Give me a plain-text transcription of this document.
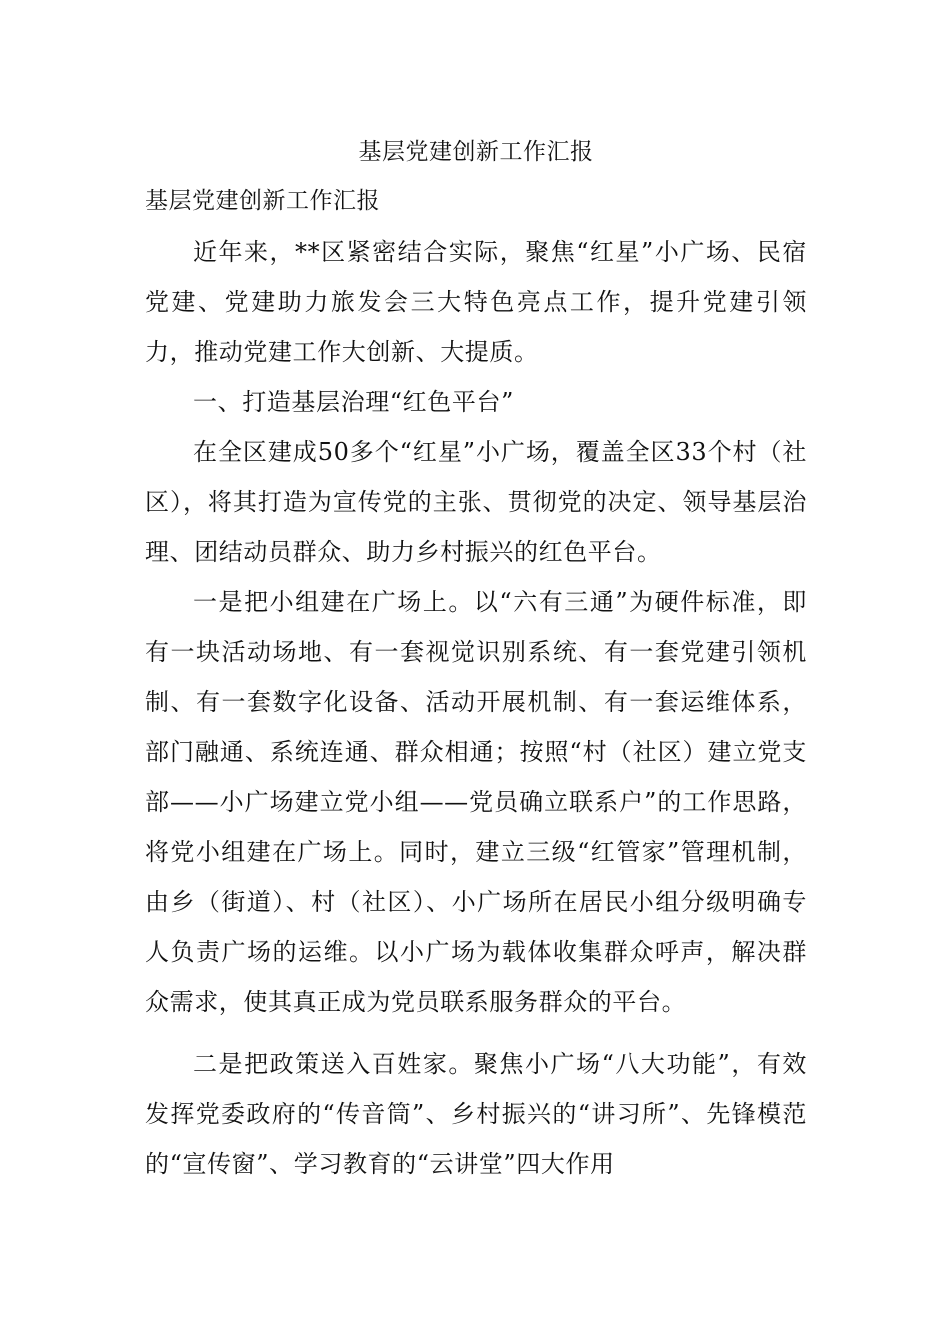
基层党建创新工作汇报
基层党建创新工作汇报

近年来，**区紧密结合实际，聚焦“红星”小广场、民宿党建、党建助力旅发会三大特色亮点工作，提升党建引领力，推动党建工作大创新、大提质。

一、打造基层治理“红色平台”

在全区建成50多个“红星”小广场，覆盖全区33个村（社区），将其打造为宣传党的主张、贯彻党的决定、领导基层治理、团结动员群众、助力乡村振兴的红色平台。

一是把小组建在广场上。以“六有三通”为硬件标准，即有一块活动场地、有一套视觉识别系统、有一套党建引领机制、有一套数字化设备、活动开展机制、有一套运维体系，部门融通、系统连通、群众相通；按照“村（社区）建立党支部——小广场建立党小组——党员确立联系户”的工作思路，将党小组建在广场上。同时，建立三级“红管家”管理机制，由乡（街道）、村（社区）、小广场所在居民小组分级明确专人负责广场的运维。以小广场为载体收集群众呼声，解决群众需求，使其真正成为党员联系服务群众的平台。

二是把政策送入百姓家。聚焦小广场“八大功能”，有效发挥党委政府的“传音筒”、乡村振兴的“讲习所”、先锋模范的“宣传窗”、学习教育的“云讲堂”四大作用
